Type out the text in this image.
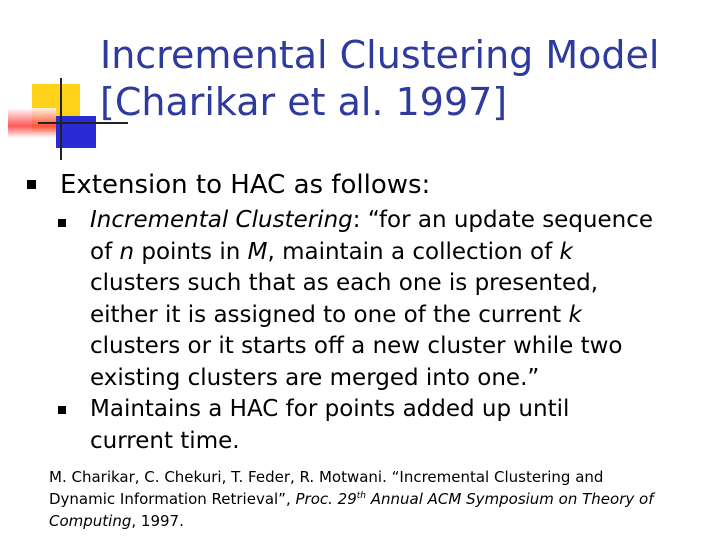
Incremental Clustering Model
[Charikar et al. 1997]
Extension to HAC as follows:
Incremental Clustering: “for an update sequence
of n points in M, maintain a collection of k
clusters such that as each one is presented,
either it is assigned to one of the current k
clusters or it starts off a new cluster while two
existing clusters are merged into one.”
Maintains a HAC for points added up until
current time.
M. Charikar, C. Chekuri, T. Feder, R. Motwani. “Incremental Clustering and
Dynamic Information Retrieval”, Proc. 29th Annual ACM Symposium on Theory of
Computing, 1997.
